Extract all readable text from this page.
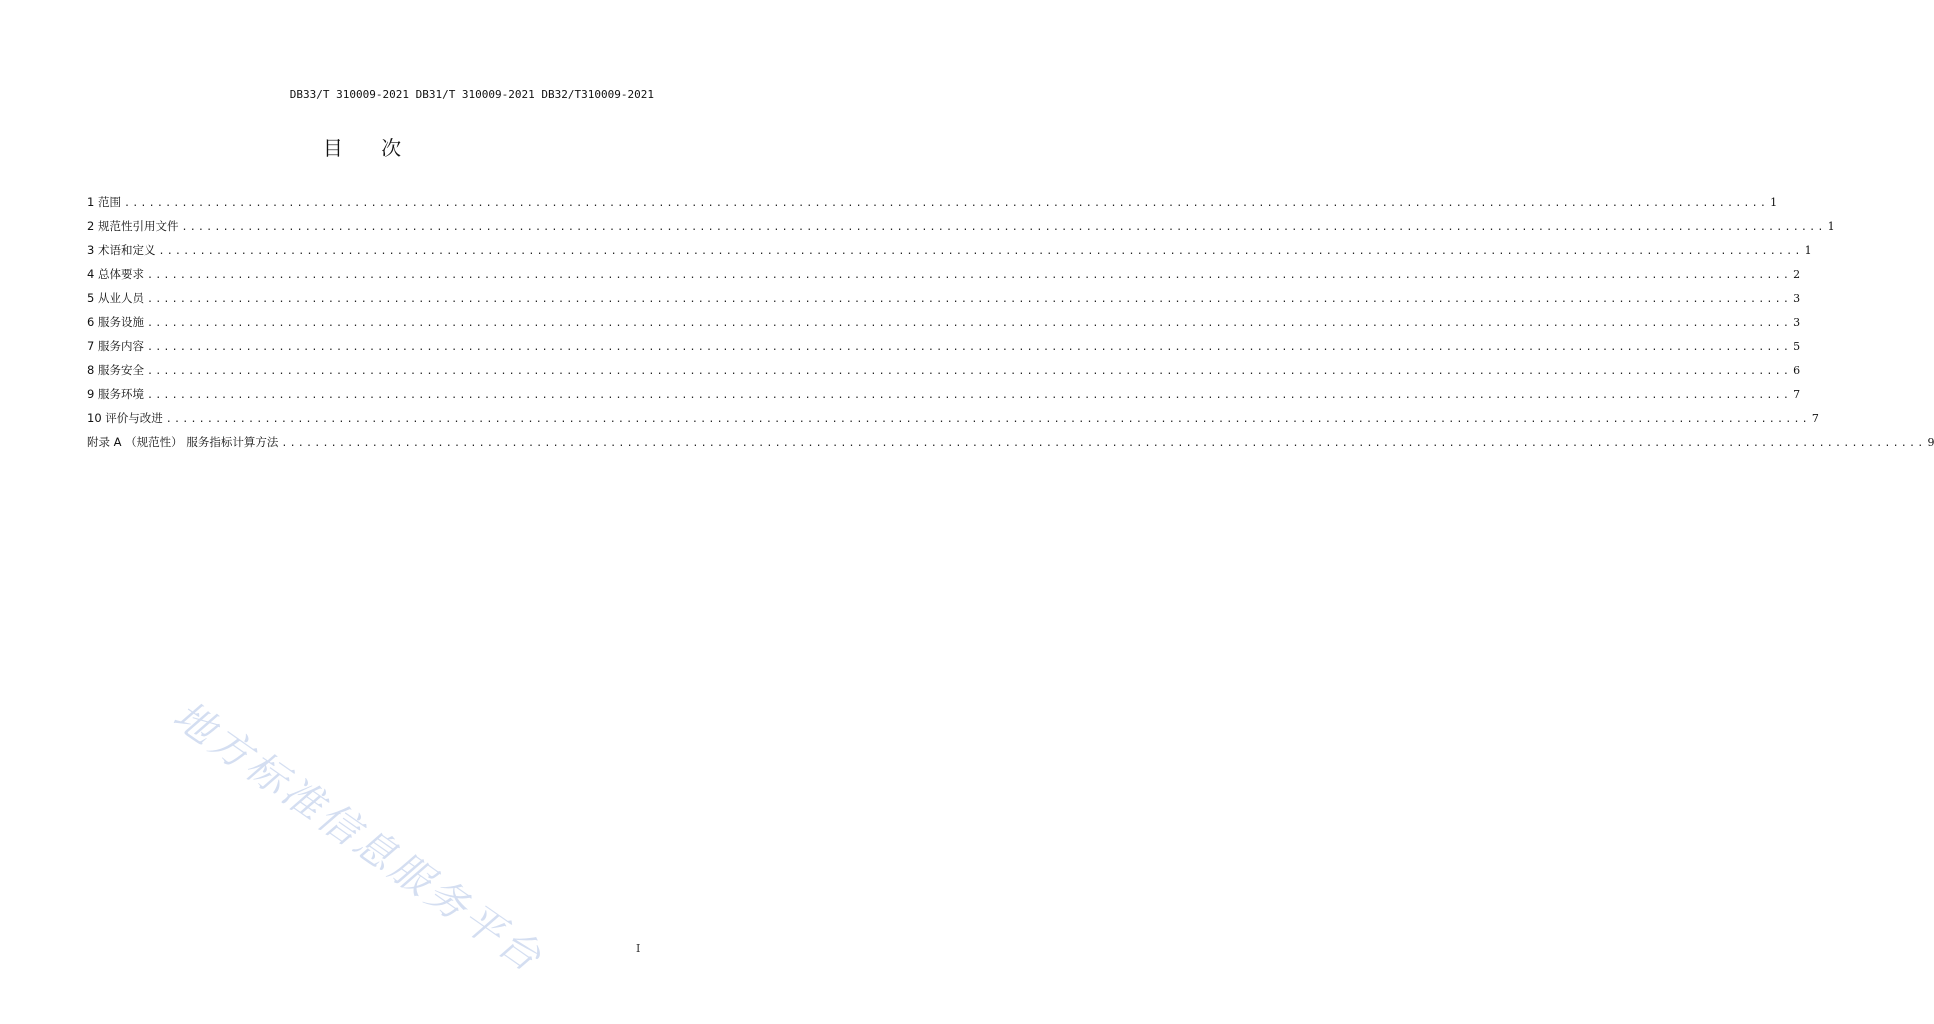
DB33/T 310009-2021 DB31/T 310009-2021 DB32/T310009-2021
目 次
1 范围 ........................................................................................................................................................................................................ 1
2 规范性引用文件 ........................................................................................................................................................................................................ 1
3 术语和定义 ........................................................................................................................................................................................................ 1
4 总体要求 ........................................................................................................................................................................................................ 2
5 从业人员 ........................................................................................................................................................................................................ 3
6 服务设施 ........................................................................................................................................................................................................ 3
7 服务内容 ........................................................................................................................................................................................................ 5
8 服务安全 ........................................................................................................................................................................................................ 6
9 服务环境 ........................................................................................................................................................................................................ 7
10 评价与改进 ........................................................................................................................................................................................................ 7
附录 A （规范性） 服务指标计算方法 ........................................................................................................................................................................................................ 9
地方标准信息服务平台	I
